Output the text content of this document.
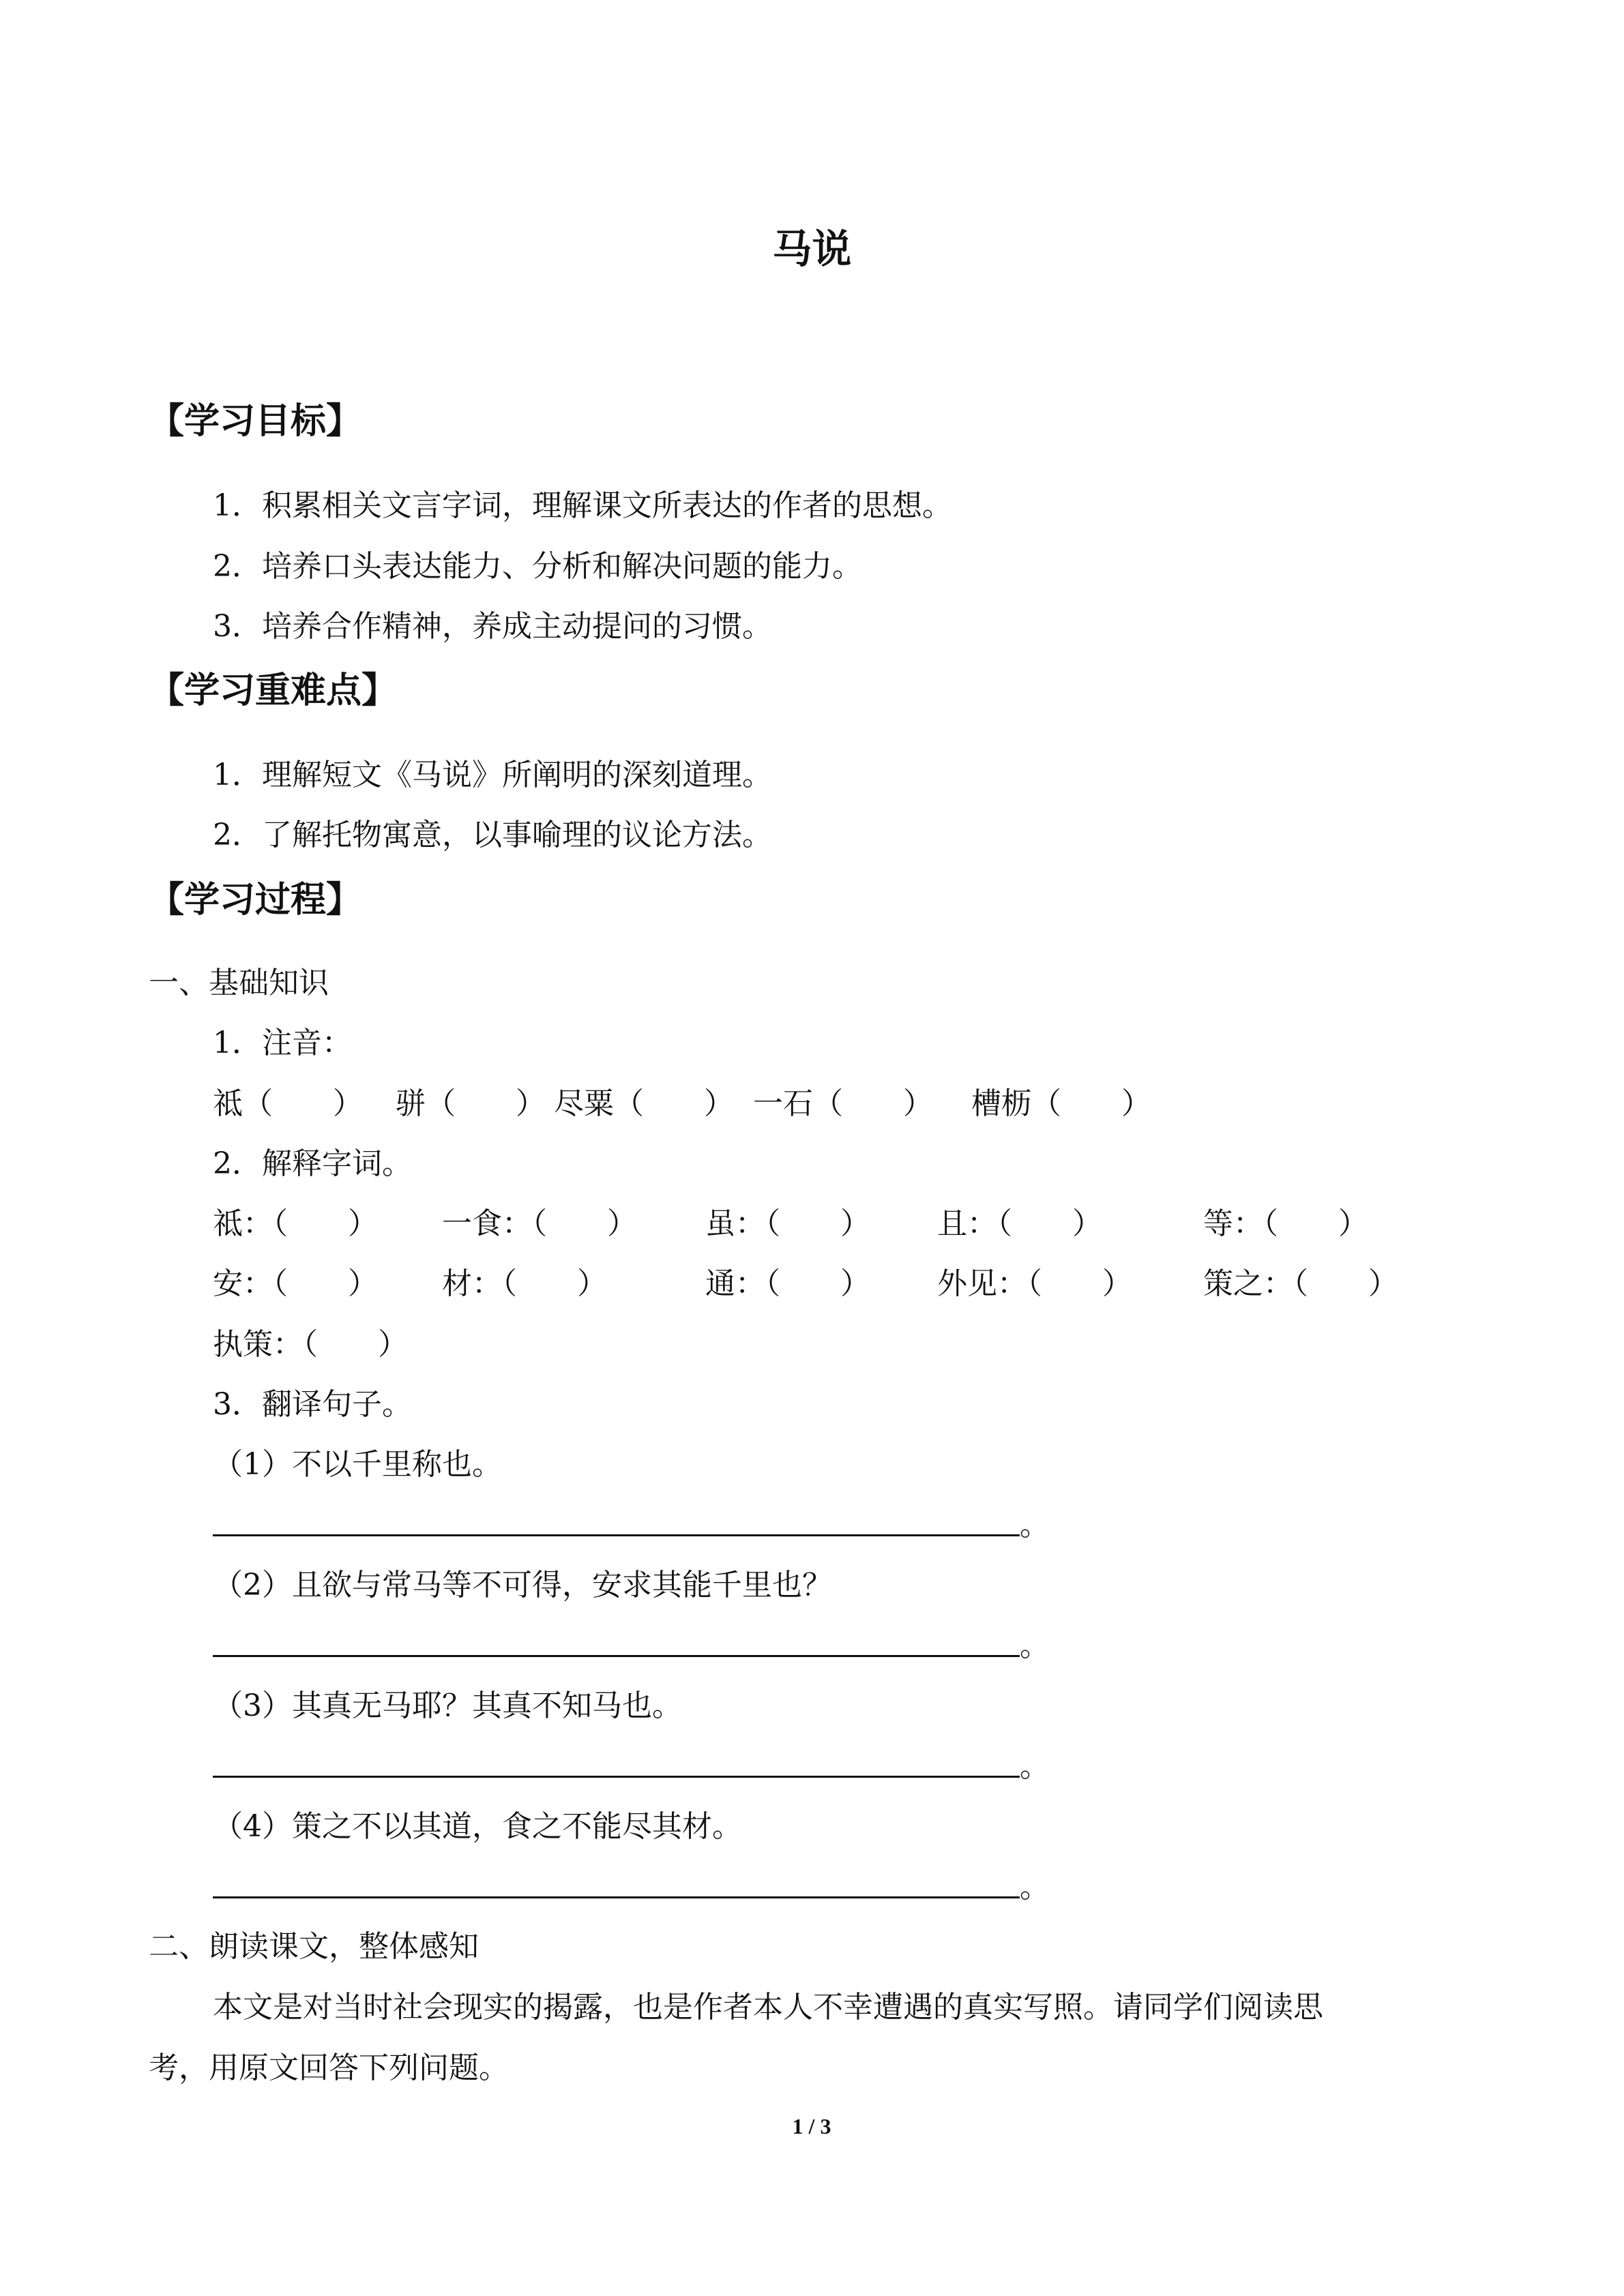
马说
【学习目标】
1．积累相关文言字词，理解课文所表达的作者的思想。
2．培养口头表达能力、分析和解决问题的能力。
3．培养合作精神，养成主动提问的习惯。
【学习重难点】
1．理解短文《马说》所阐明的深刻道理。
2．了解托物寓意，以事喻理的议论方法。
【学习过程】
一、基础知识
1．注音：
祗（　　） 骈（　　） 尽粟（　　） 一石（　　） 槽枥（　　）
2．解释字词。
祗：（　　） 一食：（　　） 虽：（　　） 且：（　　）	等：（　　）
安：（　　） 材：（　　）	通：（　　） 外见：（　　） 策之：（　　）
执策：（　　）
3．翻译句子。
（1）不以千里称也。
。
（2）且欲与常马等不可得，安求其能千里也？
。
（3）其真无马耶？其真不知马也。
。
（4）策之不以其道，食之不能尽其材。
。
二、朗读课文，整体感知
本文是对当时社会现实的揭露，也是作者本人不幸遭遇的真实写照。请同学们阅读思
考，用原文回答下列问题。
1 / 3
